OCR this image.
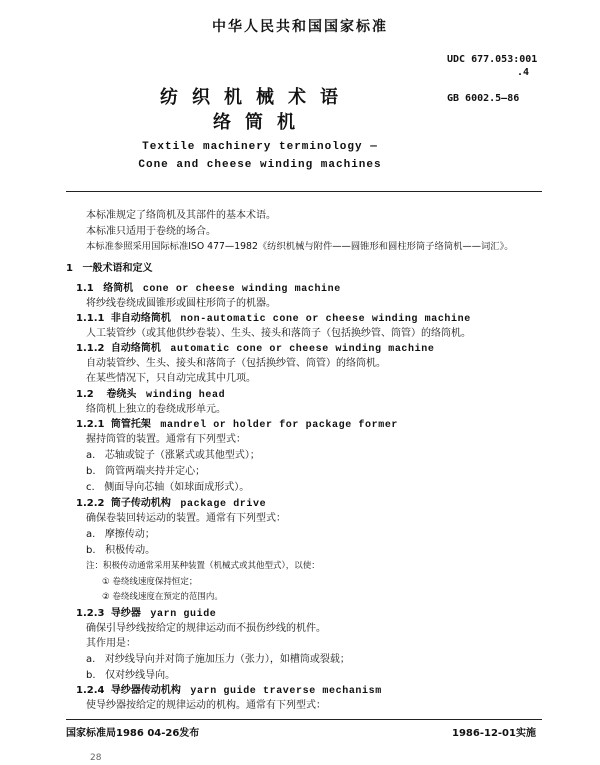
中华人民共和国国家标准
UDC 677.053:001
.4
GB 6002.5—86
纺织机械术语
络筒机
Textile machinery terminology —
Cone and cheese winding machines
本标准规定了络筒机及其部件的基本术语。
本标准只适用于卷绕的场合。
本标准参照采用国际标准ISO 477—1982《纺织机械与附件——圆锥形和圆柱形筒子络筒机——词汇》。
1 一般术语和定义
1.1 络筒机 cone or cheese winding machine
将纱线卷绕成圆锥形或圆柱形筒子的机器。
1.1.1 非自动络筒机 non-automatic cone or cheese winding machine
人工装管纱（或其他供纱卷装）、生头、接头和落筒子（包括换纱管、筒管）的络筒机。
1.1.2 自动络筒机 automatic cone or cheese winding machine
自动装管纱、生头、接头和落筒子（包括换纱管、筒管）的络筒机。
在某些情况下，只自动完成其中几项。
1.2 卷绕头 winding head
络筒机上独立的卷绕成形单元。
1.2.1 筒管托架 mandrel or holder for package former
握持筒管的装置。通常有下列型式：
a. 芯轴或锭子（涨紧式或其他型式）；
b. 筒管两端夹持并定心；
c. 侧面导向芯轴（如球面成形式）。
1.2.2 筒子传动机构 package drive
确保卷装回转运动的装置。通常有下列型式：
a. 摩擦传动；
b. 积极传动。
注：积极传动通常采用某种装置（机械式或其他型式），以使：
① 卷绕线速度保持恒定；
② 卷绕线速度在预定的范围内。
1.2.3 导纱器 yarn guide
确保引导纱线按给定的规律运动而不损伤纱线的机件。
其作用是：
a. 对纱线导向并对筒子施加压力（张力），如槽筒或裂载；
b. 仅对纱线导向。
1.2.4 导纱器传动机构 yarn guide traverse mechanism
使导纱器按给定的规律运动的机构。通常有下列型式：
国家标准局1986 04-26发布	1986-12-01实施
28
